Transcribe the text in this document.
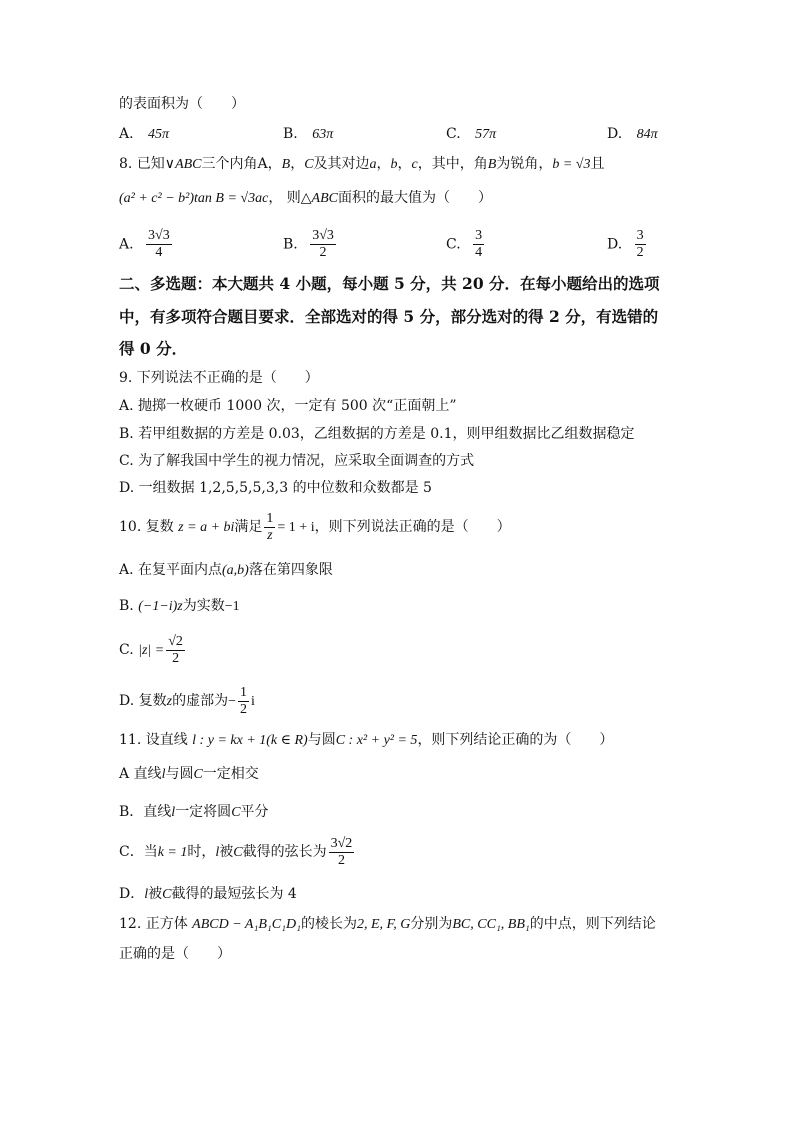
的表面积为（　　）
A. 45π	B. 63π	C. 57π	D. 84π
8. 已知∨ABC三个内角A，B，C及其对边a，b，c，其中，角B为锐角，b = √3且
(a² + c² − b²)tan B = √3ac， 则△ABC面积的最大值为（　　）
A. $\frac{3√3}{4}$	B. $\frac{3√3}{2}$	C. $\frac{3}{4}$	D. $\frac{3}{2}$
二、多选题：本大题共 4 小题，每小题 5 分，共 20 分．在每小题给出的选项
中，有多项符合题目要求．全部选对的得 5 分，部分选对的得 2 分，有选错的
得 0 分．
9. 下列说法不正确的是（　　）
A. 抛掷一枚硬币 1000 次，一定有 500 次“正面朝上”
B. 若甲组数据的方差是 0.03，乙组数据的方差是 0.1，则甲组数据比乙组数据稳定
C. 为了解我国中学生的视力情况，应采取全面调查的方式
D. 一组数据 1,2,5,5,5,3,3 的中位数和众数都是 5
10. 复数 z = a + bi满足 $\frac{1}{z} = 1 + i$，则下列说法正确的是（　　）
A. 在复平面内点(a,b)落在第四象限
B. (−1−i)z为实数−1
C. $|z| = \frac{√2}{2}$
D. 复数z的虚部为− $\frac{1}{2}$ i
11. 设直线 l : y = kx + 1(k ∈ R)与圆C : x² + y² = 5，则下列结论正确的为（　　）
A 直线l与圆C一定相交
B．直线l一定将圆C平分
C．当k = 1时，l被C截得的弦长为 $\frac{3√2}{2}$
D．l被C截得的最短弦长为 4
12. 正方体 ABCD − A₁B₁C₁D₁的棱长为2, E, F, G分别为BC, CC₁, BB₁的中点，则下列结论
正确的是（　　）
